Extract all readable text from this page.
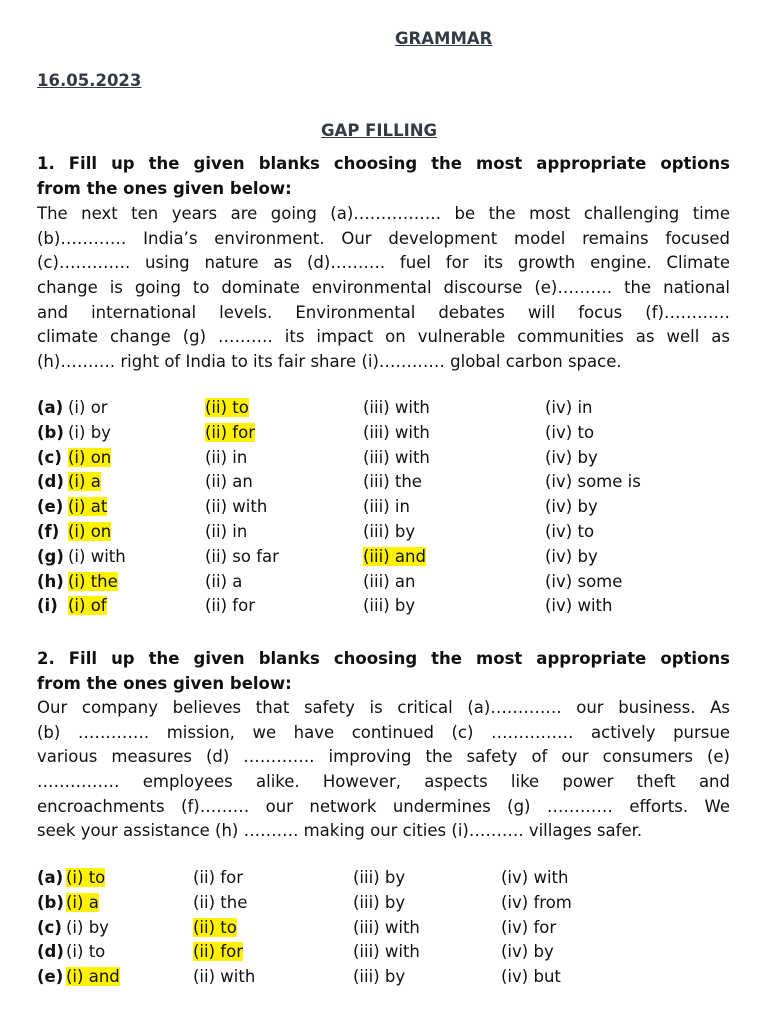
GRAMMAR
16.05.2023
GAP FILLING
1. Fill up the given blanks choosing the most appropriate options
from the ones given below:
The next ten years are going (a)……………. be the most challenging time
(b)………… India’s environment. Our development model remains focused
(c)…………. using nature as (d)………. fuel for its growth engine. Climate
change is going to dominate environmental discourse (e)………. the national
and international levels. Environmental debates will focus (f)…………
climate change (g) ………. its impact on vulnerable communities as well as
(h)………. right of India to its fair share (i)………… global carbon space.
(a) (i) or	(ii) to	(iii) with	(iv) in
(b) (i) by	(ii) for	(iii) with	(iv) to
(c) (i) on	(ii) in	(iii) with	(iv) by
(d) (i) a	(ii) an	(iii) the	(iv) some is
(e) (i) at	(ii) with	(iii) in	(iv) by
(f) (i) on	(ii) in	(iii) by	(iv) to
(g) (i) with	(ii) so far	(iii) and	(iv) by
(h) (i) the	(ii) a	(iii) an	(iv) some
(i) (i) of	(ii) for	(iii) by	(iv) with
2. Fill up the given blanks choosing the most appropriate options
from the ones given below:
Our company believes that safety is critical (a)…………. our business. As
(b) …………. mission, we have continued (c) …………… actively pursue
various measures (d) …………. improving the safety of our consumers (e)
…………… employees alike. However, aspects like power theft and
encroachments (f)……… our network undermines (g) ………… efforts. We
seek your assistance (h) ………. making our cities (i)………. villages safer.
(a) (i) to	(ii) for	(iii) by	(iv) with
(b) (i) a	(ii) the	(iii) by	(iv) from
(c) (i) by	(ii) to	(iii) with	(iv) for
(d) (i) to	(ii) for	(iii) with	(iv) by
(e) (i) and	(ii) with	(iii) by	(iv) but
